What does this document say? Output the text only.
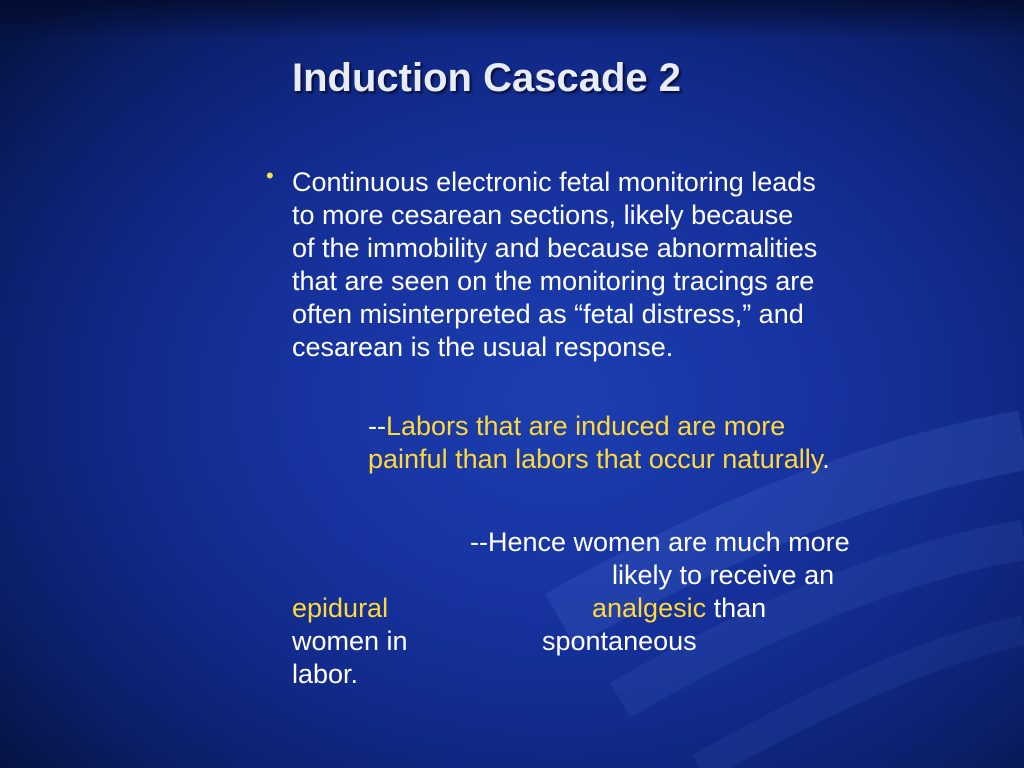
Induction Cascade 2
• Continuous electronic fetal monitoring leads
to more cesarean sections, likely because
of the immobility and because abnormalities
that are seen on the monitoring tracings are
often misinterpreted as “fetal distress,” and
cesarean is the usual response.

--Labors that are induced are more
painful than labors that occur naturally.

--Hence women are much more
likely to receive an
epidural	analgesic than
women in	spontaneous
labor.
